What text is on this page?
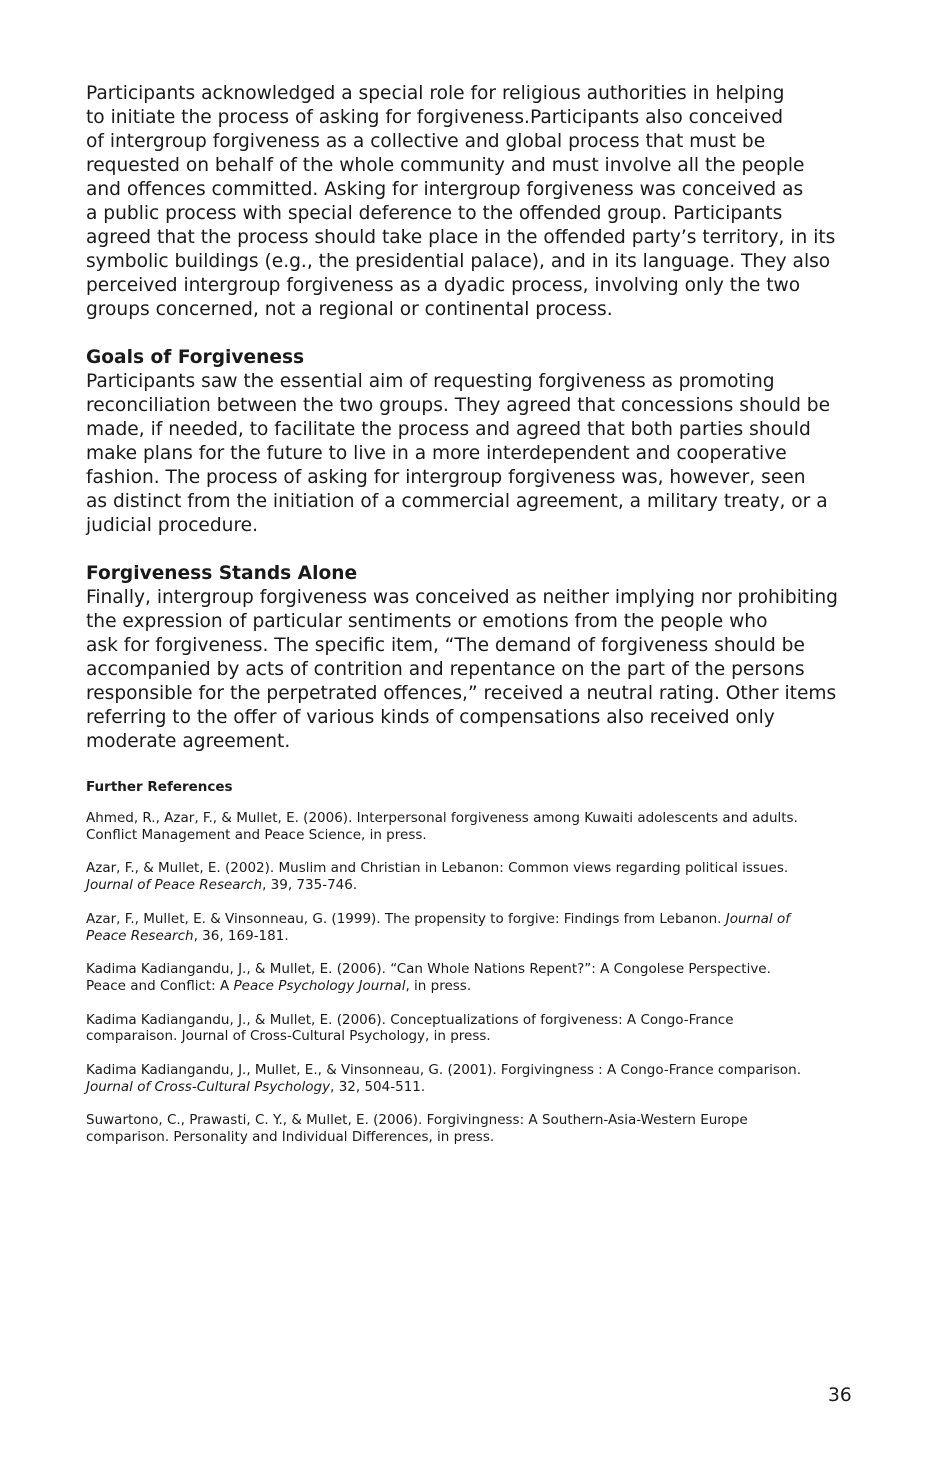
Participants acknowledged a special role for religious authorities in helping
to initiate the process of asking for forgiveness.Participants also conceived
of intergroup forgiveness as a collective and global process that must be
requested on behalf of the whole community and must involve all the people
and offences committed. Asking for intergroup forgiveness was conceived as
a public process with special deference to the offended group. Participants
agreed that the process should take place in the offended party’s territory, in its
symbolic buildings (e.g., the presidential palace), and in its language. They also
perceived intergroup forgiveness as a dyadic process, involving only the two
groups concerned, not a regional or continental process.

Goals of Forgiveness

Participants saw the essential aim of requesting forgiveness as promoting
reconciliation between the two groups. They agreed that concessions should be
made, if needed, to facilitate the process and agreed that both parties should
make plans for the future to live in a more interdependent and cooperative
fashion. The process of asking for intergroup forgiveness was, however, seen
as distinct from the initiation of a commercial agreement, a military treaty, or a
judicial procedure.

Forgiveness Stands Alone

Finally, intergroup forgiveness was conceived as neither implying nor prohibiting
the expression of particular sentiments or emotions from the people who
ask for forgiveness. The specific item, “The demand of forgiveness should be
accompanied by acts of contrition and repentance on the part of the persons
responsible for the perpetrated offences,” received a neutral rating. Other items
referring to the offer of various kinds of compensations also received only
moderate agreement.

Further References
Ahmed, R., Azar, F., & Mullet, E. (2006). Interpersonal forgiveness among Kuwaiti adolescents and adults.
Conflict Management and Peace Science, in press.
Azar, F., & Mullet, E. (2002). Muslim and Christian in Lebanon: Common views regarding political issues.
Journal of Peace Research, 39, 735-746.
Azar, F., Mullet, E. & Vinsonneau, G. (1999). The propensity to forgive: Findings from Lebanon. Journal of
Peace Research, 36, 169-181.
Kadima Kadiangandu, J., & Mullet, E. (2006). “Can Whole Nations Repent?”: A Congolese Perspective.
Peace and Conflict: A Peace Psychology Journal, in press.
Kadima Kadiangandu, J., & Mullet, E. (2006). Conceptualizations of forgiveness: A Congo-France
comparaison. Journal of Cross-Cultural Psychology, in press.
Kadima Kadiangandu, J., Mullet, E., & Vinsonneau, G. (2001). Forgivingness : A Congo-France comparison.
Journal of Cross-Cultural Psychology, 32, 504-511.
Suwartono, C., Prawasti, C. Y., & Mullet, E. (2006). Forgivingness: A Southern-Asia-Western Europe
comparison. Personality and Individual Differences, in press.
36
